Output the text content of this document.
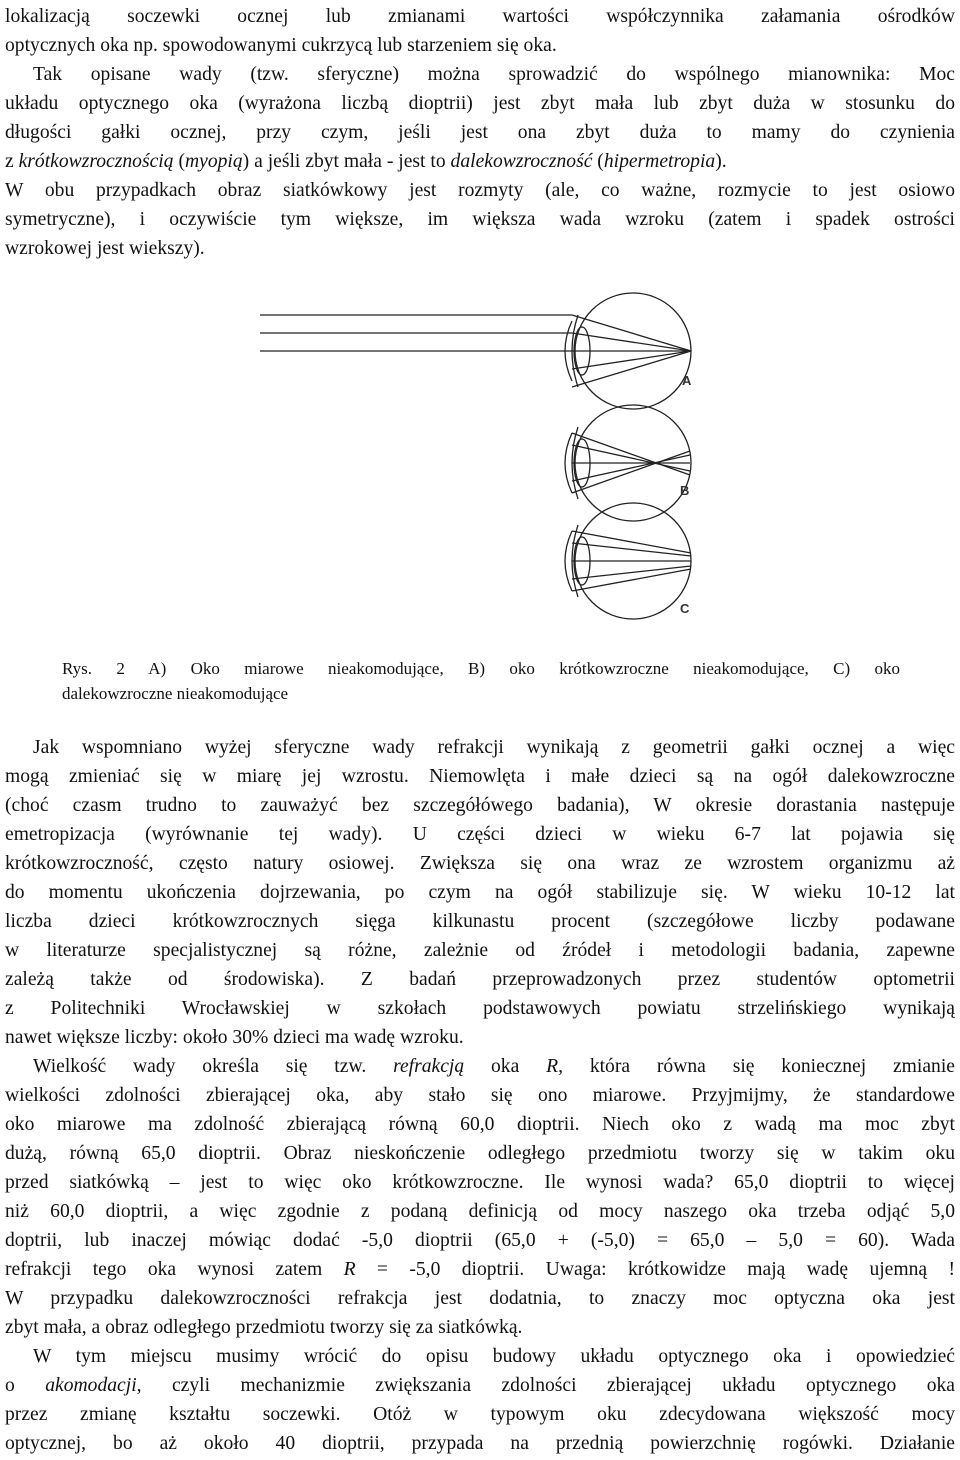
lokalizacją soczewki ocznej lub zmianami wartości współczynnika załamania ośrodków
optycznych oka np. spowodowanymi cukrzycą lub starzeniem się oka.
Tak opisane wady (tzw. sferyczne) można sprowadzić do wspólnego mianownika: Moc
układu optycznego oka (wyrażona liczbą dioptrii) jest zbyt mała lub zbyt duża w stosunku do
długości gałki ocznej, przy czym, jeśli jest ona zbyt duża to mamy do czynienia
z krótkowzrocznością (myopią) a jeśli zbyt mała - jest to dalekowzroczność (hipermetropia).
W obu przypadkach obraz siatkówkowy jest rozmyty (ale, co ważne, rozmycie to jest osiowo
symetryczne), i oczywiście tym większe, im większa wada wzroku (zatem i spadek ostrości
wzrokowej jest wiekszy).
A
B
C
Rys. 2 A) Oko miarowe nieakomodujące, B) oko krótkowzroczne nieakomodujące, C) oko
dalekowzroczne nieakomodujące
Jak wspomniano wyżej sferyczne wady refrakcji wynikają z geometrii gałki ocznej a więc
mogą zmieniać się w miarę jej wzrostu. Niemowlęta i małe dzieci są na ogół dalekowzroczne
(choć czasm trudno to zauważyć bez szczegółówego badania), W okresie dorastania następuje
emetropizacja (wyrównanie tej wady). U części dzieci w wieku 6-7 lat pojawia się
krótkowzroczność, często natury osiowej. Zwiększa się ona wraz ze wzrostem organizmu aż
do momentu ukończenia dojrzewania, po czym na ogół stabilizuje się. W wieku 10-12 lat
liczba dzieci krótkowzrocznych sięga kilkunastu procent (szczegółowe liczby podawane
w literaturze specjalistycznej są różne, zależnie od źródeł i metodologii badania, zapewne
zależą także od środowiska). Z badań przeprowadzonych przez studentów optometrii
z Politechniki Wrocławskiej w szkołach podstawowych powiatu strzelińskiego wynikają
nawet większe liczby: około 30% dzieci ma wadę wzroku.
Wielkość wady określa się tzw. refrakcją oka R, która równa się koniecznej zmianie
wielkości zdolności zbierającej oka, aby stało się ono miarowe. Przyjmijmy, że standardowe
oko miarowe ma zdolność zbierającą równą 60,0 dioptrii. Niech oko z wadą ma moc zbyt
dużą, równą 65,0 dioptrii. Obraz nieskończenie odległego przedmiotu tworzy się w takim oku
przed siatkówką – jest to więc oko krótkowzroczne. Ile wynosi wada? 65,0 dioptrii to więcej
niż 60,0 dioptrii, a więc zgodnie z podaną definicją od mocy naszego oka trzeba odjąć 5,0
doptrii, lub inaczej mówiąc dodać -5,0 dioptrii (65,0 + (-5,0) = 65,0 – 5,0 = 60). Wada
refrakcji tego oka wynosi zatem R = -5,0 dioptrii. Uwaga: krótkowidze mają wadę ujemną !
W przypadku dalekowzroczności refrakcja jest dodatnia, to znaczy moc optyczna oka jest
zbyt mała, a obraz odległego przedmiotu tworzy się za siatkówką.
W tym miejscu musimy wrócić do opisu budowy układu optycznego oka i opowiedzieć
o akomodacji, czyli mechanizmie zwiększania zdolności zbierającej układu optycznego oka
przez zmianę kształtu soczewki. Otóż w typowym oku zdecydowana większość mocy
optycznej, bo aż około 40 dioptrii, przypada na przednią powierzchnię rogówki. Działanie
